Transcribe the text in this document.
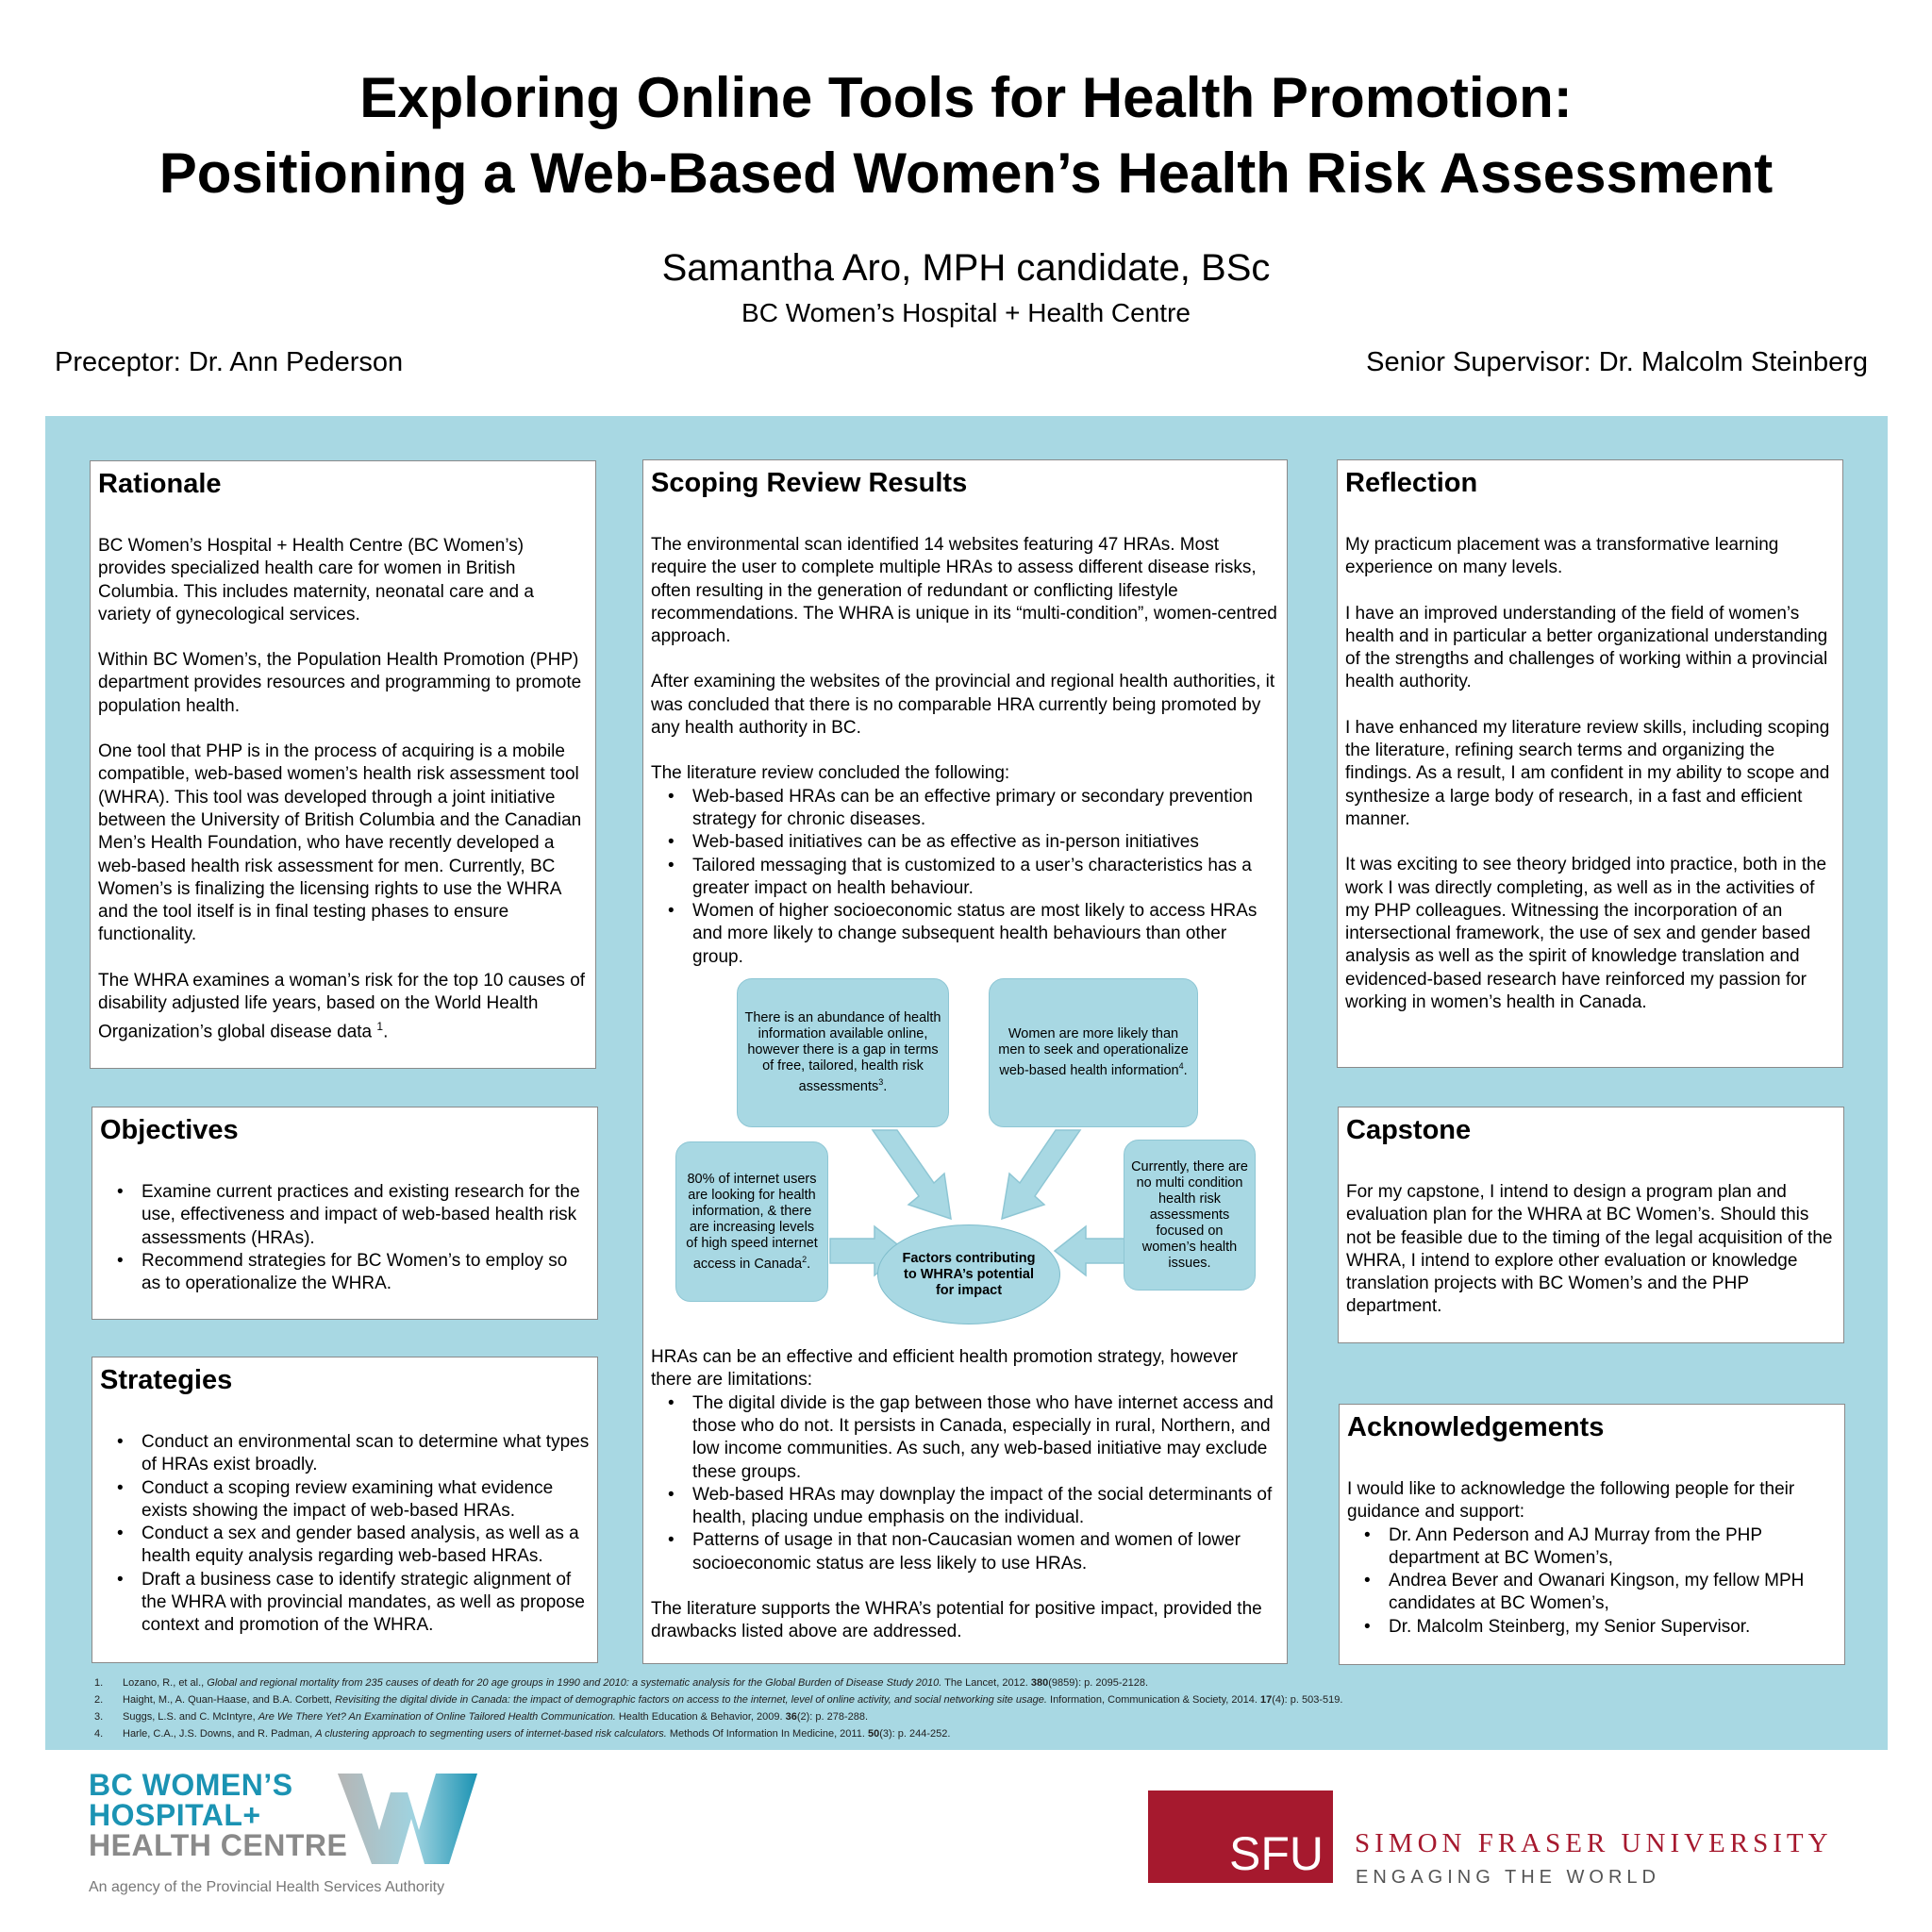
Exploring Online Tools for Health Promotion:
Positioning a Web-Based Women’s Health Risk Assessment
Samantha Aro, MPH candidate, BSc
BC Women’s Hospital + Health Centre
Preceptor: Dr. Ann Pederson	Senior Supervisor: Dr. Malcolm Steinberg
Rationale

BC Women’s Hospital + Health Centre (BC Women’s) provides specialized health care for women in British Columbia. This includes maternity, neonatal care and a variety of gynecological services.

Within BC Women’s, the Population Health Promotion (PHP) department provides resources and programming to promote population health.

One tool that PHP is in the process of acquiring is a mobile compatible, web-based women’s health risk assessment tool (WHRA). This tool was developed through a joint initiative between the University of British Columbia and the Canadian Men’s Health Foundation, who have recently developed a web-based health risk assessment for men. Currently, BC Women’s is finalizing the licensing rights to use the WHRA and the tool itself is in final testing phases to ensure functionality.

The WHRA examines a woman’s risk for the top 10 causes of disability adjusted life years, based on the World Health Organization’s global disease data $^1$.

Objectives
• Examine current practices and existing research for the use, effectiveness and impact of web-based health risk assessments (HRAs).
• Recommend strategies for BC Women’s to employ so as to operationalize the WHRA.
Strategies
• Conduct an environmental scan to determine what types of HRAs exist broadly.
• Conduct a scoping review examining what evidence exists showing the impact of web-based HRAs.
• Conduct a sex and gender based analysis, as well as a health equity analysis regarding web-based HRAs.
• Draft a business case to identify strategic alignment of the WHRA with provincial mandates, as well as propose context and promotion of the WHRA.
Scoping Review Results

The environmental scan identified 14 websites featuring 47 HRAs. Most require the user to complete multiple HRAs to assess different disease risks, often resulting in the generation of redundant or conflicting lifestyle recommendations. The WHRA is unique in its “multi-condition”, women-centred approach.

After examining the websites of the provincial and regional health authorities, it was concluded that there is no comparable HRA currently being promoted by any health authority in BC.

The literature review concluded the following:
• Web-based HRAs can be an effective primary or secondary prevention strategy for chronic diseases.
• Web-based initiatives can be as effective as in-person initiatives
• Tailored messaging that is customized to a user’s characteristics has a greater impact on health behaviour.
• Women of higher socioeconomic status are most likely to access HRAs and more likely to change subsequent health behaviours than other group.
HRAs can be an effective and efficient health promotion strategy, however there are limitations:
• The digital divide is the gap between those who have internet access and those who do not. It persists in Canada, especially in rural, Northern, and low income communities. As such, any web-based initiative may exclude these groups.
• Web-based HRAs may downplay the impact of the social determinants of health, placing undue emphasis on the individual.
• Patterns of usage in that non-Caucasian women and women of lower socioeconomic status are less likely to use HRAs.

The literature supports the WHRA’s potential for positive impact, provided the drawbacks listed above are addressed.

There is an abundance of health information available online, however there is a gap in terms of free, tailored, health risk assessments$^3$.
Women are more likely than men to seek and operationalize web-based health information$^4$.
80% of internet users are looking for health information, & there are increasing levels of high speed internet access in Canada$^2$.
Currently, there are no multi condition health risk assessments focused on women’s health issues.
Factors contributing to WHRA’s potential for impact
Reflection

My practicum placement was a transformative learning experience on many levels.

I have an improved understanding of the field of women’s health and in particular a better organizational understanding of the strengths and challenges of working within a provincial health authority.

I have enhanced my literature review skills, including scoping the literature, refining search terms and organizing the findings. As a result, I am confident in my ability to scope and synthesize a large body of research, in a fast and efficient manner.

It was exciting to see theory bridged into practice, both in the work I was directly completing, as well as in the activities of my PHP colleagues. Witnessing the incorporation of an intersectional framework, the use of sex and gender based analysis as well as the spirit of knowledge translation and evidenced-based research have reinforced my passion for working in women’s health in Canada.

Capstone

For my capstone, I intend to design a program plan and evaluation plan for the WHRA at BC Women’s. Should this not be feasible due to the timing of the legal acquisition of the WHRA, I intend to explore other evaluation or knowledge translation projects with BC Women’s and the PHP department.

Acknowledgements
I would like to acknowledge the following people for their guidance and support:
• Dr. Ann Pederson and AJ Murray from the PHP department at BC Women’s,
• Andrea Bever and Owanari Kingson, my fellow MPH candidates at BC Women’s,
• Dr. Malcolm Steinberg, my Senior Supervisor.
1. Lozano, R., et al., Global and regional mortality from 235 causes of death for 20 age groups in 1990 and 2010: a systematic analysis for the Global Burden of Disease Study 2010. The Lancet, 2012. 380(9859): p. 2095-2128.
2. Haight, M., A. Quan-Haase, and B.A. Corbett, Revisiting the digital divide in Canada: the impact of demographic factors on access to the internet, level of online activity, and social networking site usage. Information, Communication & Society, 2014. 17(4): p. 503-519.
3. Suggs, L.S. and C. McIntyre, Are We There Yet? An Examination of Online Tailored Health Communication. Health Education & Behavior, 2009. 36(2): p. 278-288.
4. Harle, C.A., J.S. Downs, and R. Padman, A clustering approach to segmenting users of internet-based risk calculators. Methods Of Information In Medicine, 2011. 50(3): p. 244-252.
BC WOMEN’S
HOSPITAL+
HEALTH CENTRE
An agency of the Provincial Health Services Authority
SFU SIMON FRASER UNIVERSITY
ENGAGING THE WORLD
